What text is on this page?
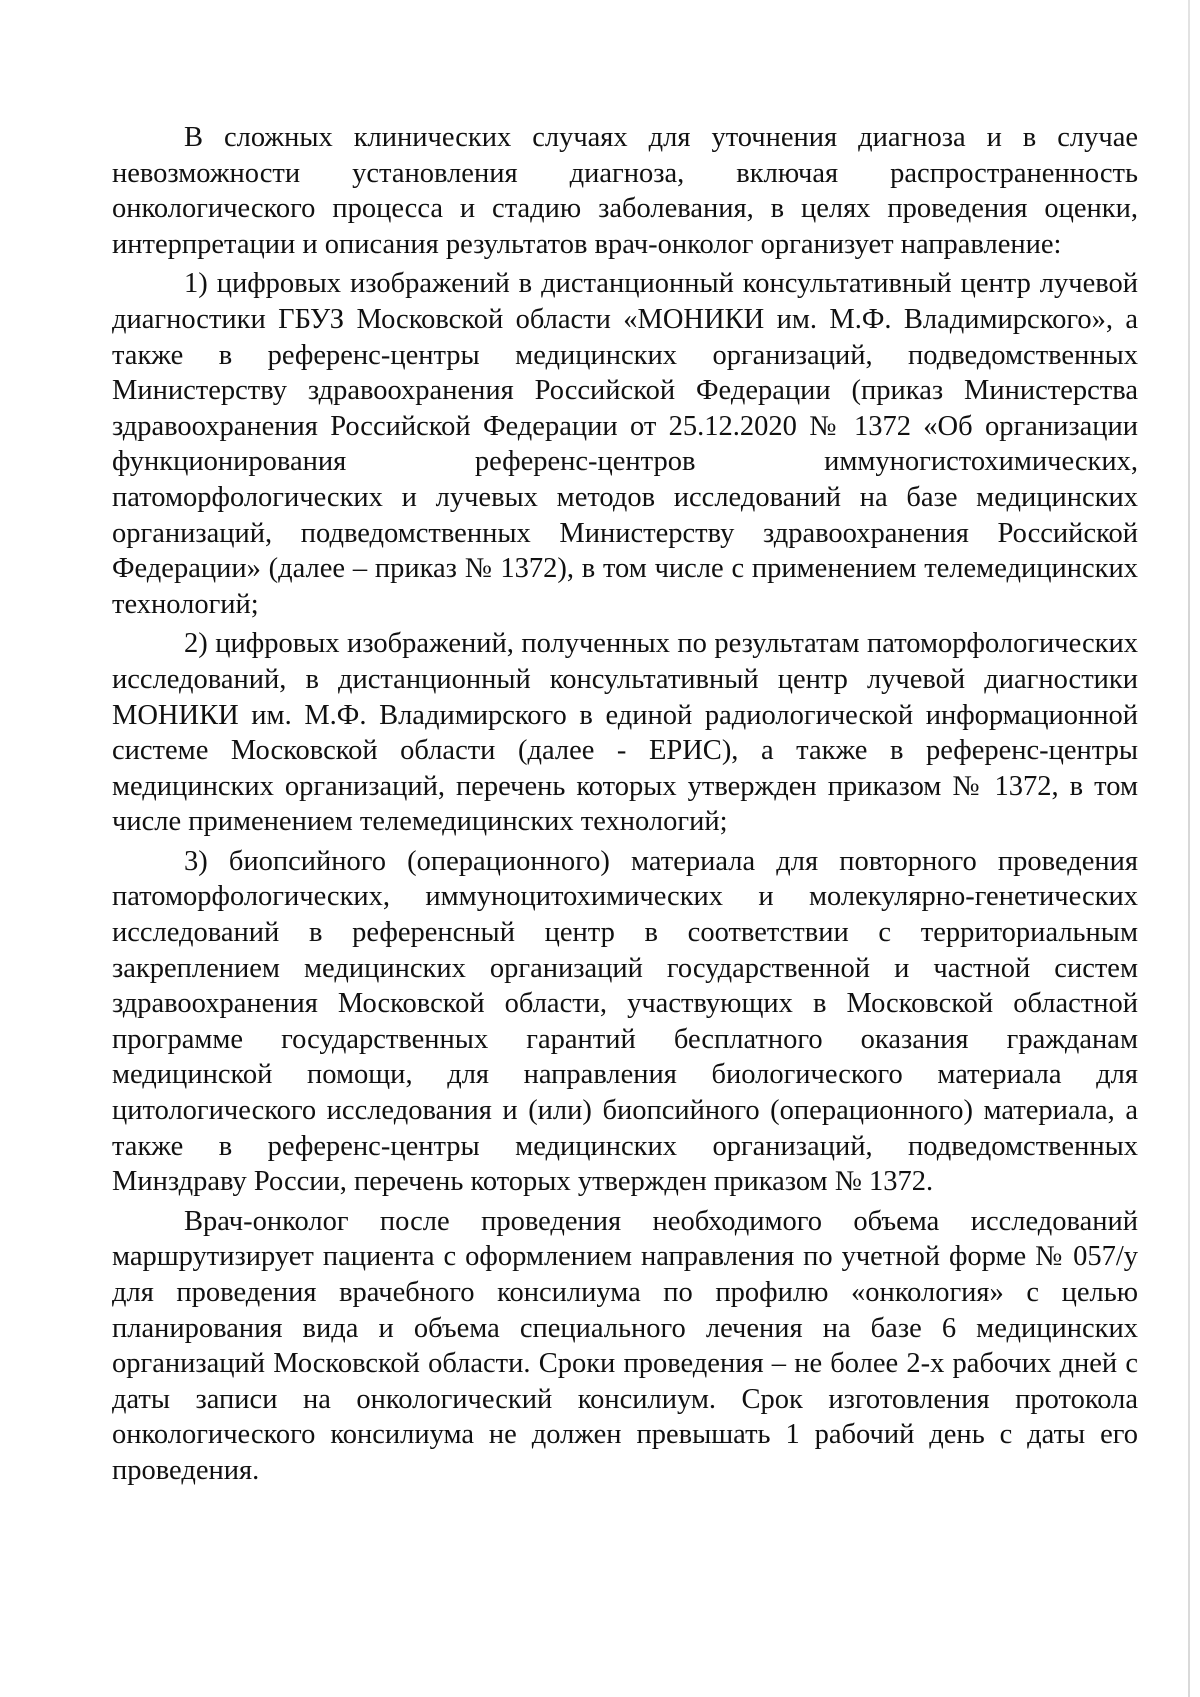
В сложных клинических случаях для уточнения диагноза и в случае невозможности установления диагноза, включая распространенность онкологического процесса и стадию заболевания, в целях проведения оценки, интерпретации и описания результатов врач-онколог организует направление:

1) цифровых изображений в дистанционный консультативный центр лучевой диагностики ГБУЗ Московской области «МОНИКИ им. М.Ф. Владимирского», а также в референс-центры медицинских организаций, подведомственных Министерству здравоохранения Российской Федерации (приказ Министерства здравоохранения Российской Федерации от 25.12.2020 № 1372 «Об организации функционирования референс-центров иммуногистохимических, патоморфологических и лучевых методов исследований на базе медицинских организаций, подведомственных Министерству здравоохранения Российской Федерации» (далее – приказ № 1372), в том числе с применением телемедицинских технологий;

2) цифровых изображений, полученных по результатам патоморфологических исследований, в дистанционный консультативный центр лучевой диагностики МОНИКИ им. М.Ф. Владимирского в единой радиологической информационной системе Московской области (далее - ЕРИС), а также в референс-центры медицинских организаций, перечень которых утвержден приказом № 1372, в том числе применением телемедицинских технологий;

3) биопсийного (операционного) материала для повторного проведения патоморфологических, иммуноцитохимических и молекулярно-генетических исследований в референсный центр в соответствии с территориальным закреплением медицинских организаций государственной и частной систем здравоохранения Московской области, участвующих в Московской областной программе государственных гарантий бесплатного оказания гражданам медицинской помощи, для направления биологического материала для цитологического исследования и (или) биопсийного (операционного) материала, а также в референс-центры медицинских организаций, подведомственных Минздраву России, перечень которых утвержден приказом № 1372.

Врач-онколог после проведения необходимого объема исследований маршрутизирует пациента с оформлением направления по учетной форме № 057/у для проведения врачебного консилиума по профилю «онкология» с целью планирования вида и объема специального лечения на базе 6 медицинских организаций Московской области. Сроки проведения – не более 2-х рабочих дней с даты записи на онкологический консилиум. Срок изготовления протокола онкологического консилиума не должен превышать 1 рабочий день с даты его проведения.
